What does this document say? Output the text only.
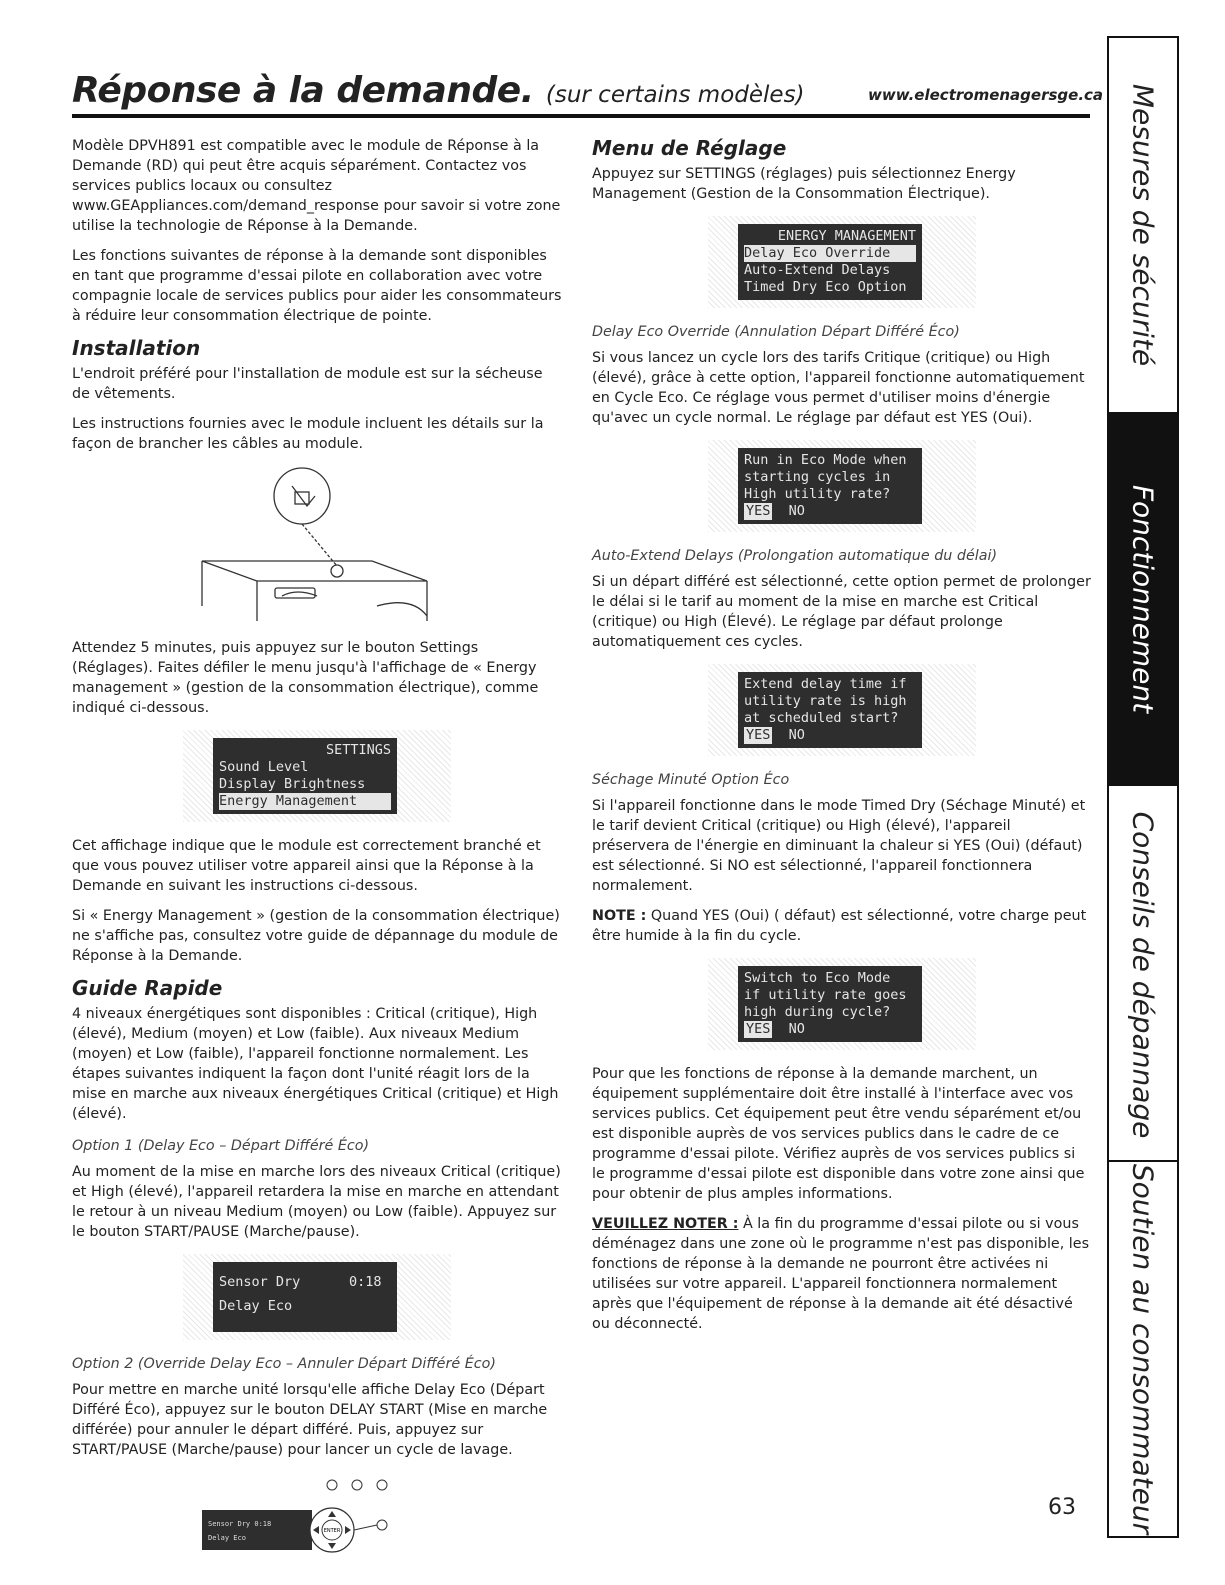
Réponse à la demande. (sur certains modèles)	www.electromenagersge.ca

Modèle DPVH891 est compatible avec le module de Réponse à la Demande (RD) qui peut être acquis séparément. Contactez vos services publics locaux ou consultez www.GEAppliances.com/demand_response pour savoir si votre zone utilise la technologie de Réponse à la Demande.

Les fonctions suivantes de réponse à la demande sont disponibles en tant que programme d'essai pilote en collaboration avec votre compagnie locale de services publics pour aider les consommateurs à réduire leur consommation électrique de pointe.

Installation

L'endroit préféré pour l'installation de module est sur la sécheuse de vêtements.

Les instructions fournies avec le module incluent les détails sur la façon de brancher les câbles au module.

Attendez 5 minutes, puis appuyez sur le bouton Settings (Réglages). Faites défiler le menu jusqu'à l'affichage de « Energy management » (gestion de la consommation électrique), comme indiqué ci-dessous.

SETTINGS
Sound Level
Display Brightness
Energy Management

Cet affichage indique que le module est correctement branché et que vous pouvez utiliser votre appareil ainsi que la Réponse à la Demande en suivant les instructions ci-dessous.

Si « Energy Management » (gestion de la consommation électrique) ne s'affiche pas, consultez votre guide de dépannage du module de Réponse à la Demande.

Guide Rapide

4 niveaux énergétiques sont disponibles : Critical (critique), High (élevé), Medium (moyen) et Low (faible). Aux niveaux Medium (moyen) et Low (faible), l'appareil fonctionne normalement. Les étapes suivantes indiquent la façon dont l'unité réagit lors de la mise en marche aux niveaux énergétiques Critical (critique) et High (élevé).

Option 1 (Delay Eco – Départ Différé Éco)

Au moment de la mise en marche lors des niveaux Critical (critique) et High (élevé), l'appareil retardera la mise en marche en attendant le retour à un niveau Medium (moyen) ou Low (faible). Appuyez sur le bouton START/PAUSE (Marche/pause).

Sensor Dry      0:18
Delay Eco

Option 2 (Override Delay Eco – Annuler Départ Différé Éco)

Pour mettre en marche unité lorsqu'elle affiche Delay Eco (Départ Différé Éco), appuyez sur le bouton DELAY START (Mise en marche différée) pour annuler le départ différé. Puis, appuyez sur START/PAUSE (Marche/pause) pour lancer un cycle de lavage.

Sensor Dry 0:18
Delay Eco
ENTER
Menu de Réglage

Appuyez sur SETTINGS (réglages) puis sélectionnez Energy Management (Gestion de la Consommation Électrique).

ENERGY MANAGEMENT
Delay Eco Override
Auto-Extend Delays
Timed Dry Eco Option

Delay Eco Override (Annulation Départ Différé Éco)

Si vous lancez un cycle lors des tarifs Critique (critique) ou High (élevé), grâce à cette option, l'appareil fonctionne automatiquement en Cycle Eco. Ce réglage vous permet d'utiliser moins d'énergie qu'avec un cycle normal. Le réglage par défaut est YES (Oui).

Run in Eco Mode when
starting cycles in
High utility rate?
YES NO

Auto-Extend Delays (Prolongation automatique du délai)

Si un départ différé est sélectionné, cette option permet de prolonger le délai si le tarif au moment de la mise en marche est Critical (critique) ou High (Élevé). Le réglage par défaut prolonge automatiquement ces cycles.

Extend delay time if
utility rate is high
at scheduled start?
YES NO

Séchage Minuté Option Éco

Si l'appareil fonctionne dans le mode Timed Dry (Séchage Minuté) et le tarif devient Critical (critique) ou High (élevé), l'appareil préservera de l'énergie en diminuant la chaleur si YES (Oui) (défaut) est sélectionné. Si NO est sélectionné, l'appareil fonctionnera normalement.

NOTE : Quand YES (Oui) ( défaut) est sélectionné, votre charge peut être humide à la fin du cycle.

Switch to Eco Mode
if utility rate goes
high during cycle?
YES NO

Pour que les fonctions de réponse à la demande marchent, un équipement supplémentaire doit être installé à l'interface avec vos services publics. Cet équipement peut être vendu séparément et/ou est disponible auprès de vos services publics dans le cadre de ce programme d'essai pilote. Vérifiez auprès de vos services publics si le programme d'essai pilote est disponible dans votre zone ainsi que pour obtenir de plus amples informations.

VEUILLEZ NOTER : À la fin du programme d'essai pilote ou si vous déménagez dans une zone où le programme n'est pas disponible, les fonctions de réponse à la demande ne pourront être activées ni utilisées sur votre appareil. L'appareil fonctionnera normalement après que l'équipement de réponse à la demande ait été désactivé ou déconnecté.

Mesures de sécurité
Fonctionnement
Conseils de dépannage
Soutien au consommateur
63
